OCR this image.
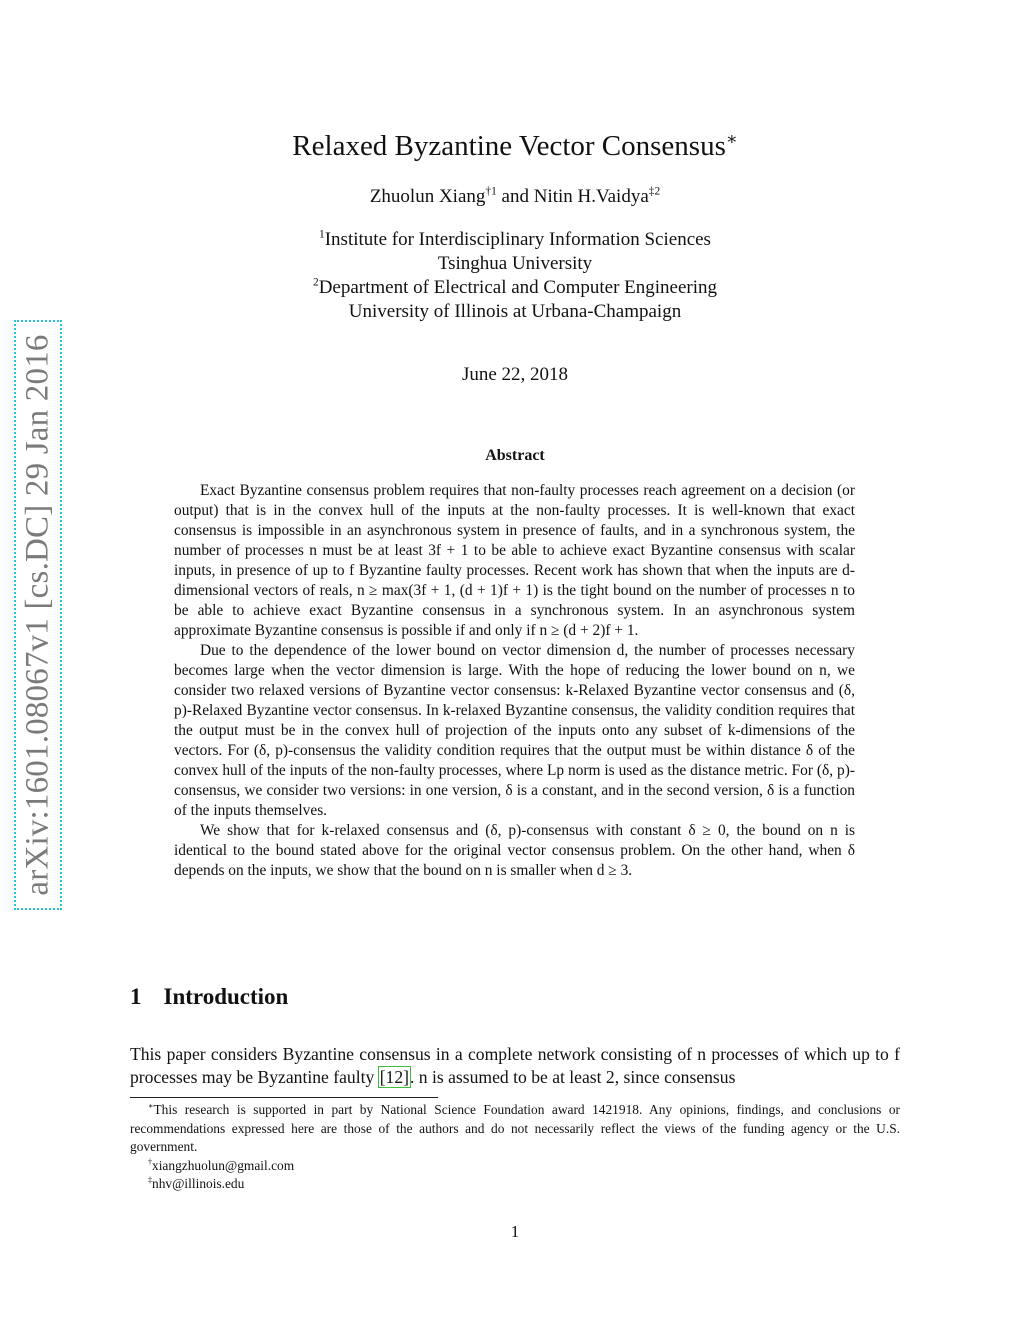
arXiv:1601.08067v1 [cs.DC] 29 Jan 2016
Relaxed Byzantine Vector Consensus∗
Zhuolun Xiang$^{\dagger 1}$ and Nitin H.Vaidya$^{\ddagger 2}$
$^1$Institute for Interdisciplinary Information Sciences
Tsinghua University
$^2$Department of Electrical and Computer Engineering
University of Illinois at Urbana-Champaign
June 22, 2018
Abstract

Exact Byzantine consensus problem requires that non-faulty processes reach agreement on a decision (or output) that is in the convex hull of the inputs at the non-faulty processes. It is well-known that exact consensus is impossible in an asynchronous system in presence of faults, and in a synchronous system, the number of processes n must be at least 3f + 1 to be able to achieve exact Byzantine consensus with scalar inputs, in presence of up to f Byzantine faulty processes. Recent work has shown that when the inputs are d-dimensional vectors of reals, n ≥ max(3f + 1, (d + 1)f + 1) is the tight bound on the number of processes n to be able to achieve exact Byzantine consensus in a synchronous system. In an asynchronous system approximate Byzantine consensus is possible if and only if n ≥ (d + 2)f + 1.

Due to the dependence of the lower bound on vector dimension d, the number of processes necessary becomes large when the vector dimension is large. With the hope of reducing the lower bound on n, we consider two relaxed versions of Byzantine vector consensus: k-Relaxed Byzantine vector consensus and (δ, p)-Relaxed Byzantine vector consensus. In k-relaxed Byzantine consensus, the validity condition requires that the output must be in the convex hull of projection of the inputs onto any subset of k-dimensions of the vectors. For (δ, p)-consensus the validity condition requires that the output must be within distance δ of the convex hull of the inputs of the non-faulty processes, where Lp norm is used as the distance metric. For (δ, p)-consensus, we consider two versions: in one version, δ is a constant, and in the second version, δ is a function of the inputs themselves.

We show that for k-relaxed consensus and (δ, p)-consensus with constant δ ≥ 0, the bound on n is identical to the bound stated above for the original vector consensus problem. On the other hand, when δ depends on the inputs, we show that the bound on n is smaller when d ≥ 3.

1 Introduction

This paper considers Byzantine consensus in a complete network consisting of n processes of which up to f processes may be Byzantine faulty [12]. n is assumed to be at least 2, since consensus

∗This research is supported in part by National Science Foundation award 1421918. Any opinions, findings, and conclusions or recommendations expressed here are those of the authors and do not necessarily reflect the views of the funding agency or the U.S. government.

†xiangzhuolun@gmail.com

‡nhv@illinois.edu

1
